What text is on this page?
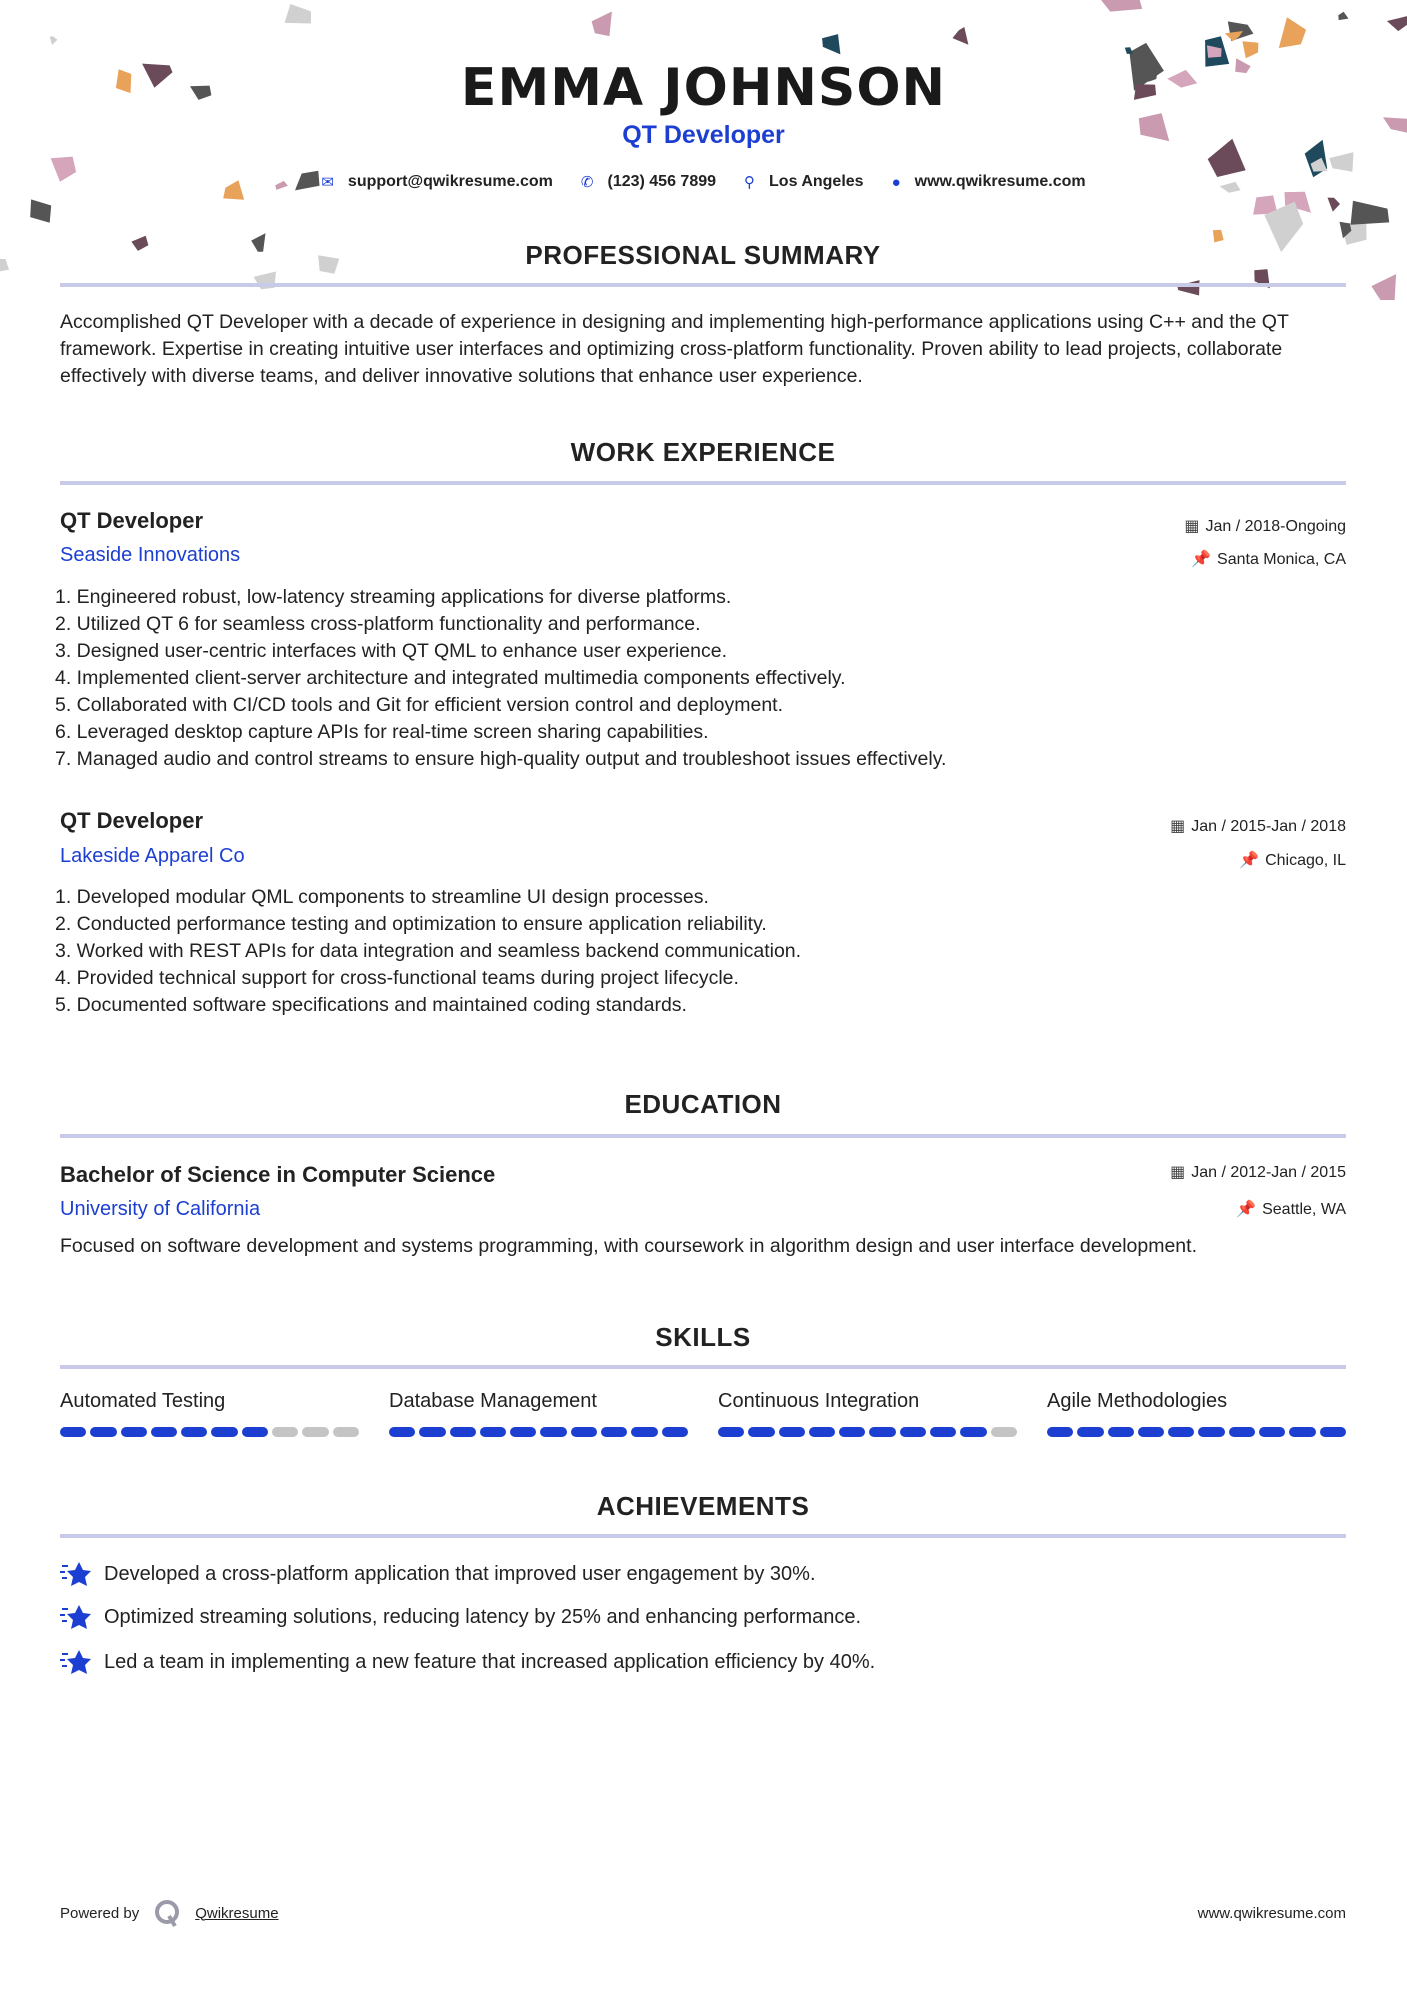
EMMA JOHNSON
QT Developer
✉ support@qwikresume.com ✆ (123) 456 7899 ⚲ Los Angeles ● www.qwikresume.com
PROFESSIONAL SUMMARY
Accomplished QT Developer with a decade of experience in designing and implementing high-performance applications using C++ and the QT framework. Expertise in creating intuitive user interfaces and optimizing cross-platform functionality. Proven ability to lead projects, collaborate effectively with diverse teams, and deliver innovative solutions that enhance user experience.
WORK EXPERIENCE
QT Developer
Seaside Innovations
▦ Jan / 2018-Ongoing
📌 Santa Monica, CA
1. Engineered robust, low-latency streaming applications for diverse platforms.
2. Utilized QT 6 for seamless cross-platform functionality and performance.
3. Designed user-centric interfaces with QT QML to enhance user experience.
4. Implemented client-server architecture and integrated multimedia components effectively.
5. Collaborated with CI/CD tools and Git for efficient version control and deployment.
6. Leveraged desktop capture APIs for real-time screen sharing capabilities.
7. Managed audio and control streams to ensure high-quality output and troubleshoot issues effectively.
QT Developer
Lakeside Apparel Co
▦ Jan / 2015-Jan / 2018
📌 Chicago, IL
1. Developed modular QML components to streamline UI design processes.
2. Conducted performance testing and optimization to ensure application reliability.
3. Worked with REST APIs for data integration and seamless backend communication.
4. Provided technical support for cross-functional teams during project lifecycle.
5. Documented software specifications and maintained coding standards.
EDUCATION
Bachelor of Science in Computer Science
University of California
▦ Jan / 2012-Jan / 2015
📌 Seattle, WA
Focused on software development and systems programming, with coursework in algorithm design and user interface development.
SKILLS
Automated Testing	Database Management	Continuous Integration	Agile Methodologies
ACHIEVEMENTS
Developed a cross-platform application that improved user engagement by 30%.
Optimized streaming solutions, reducing latency by 25% and enhancing performance.
Led a team in implementing a new feature that increased application efficiency by 40%.
Powered by	Qwikresume	www.qwikresume.com
